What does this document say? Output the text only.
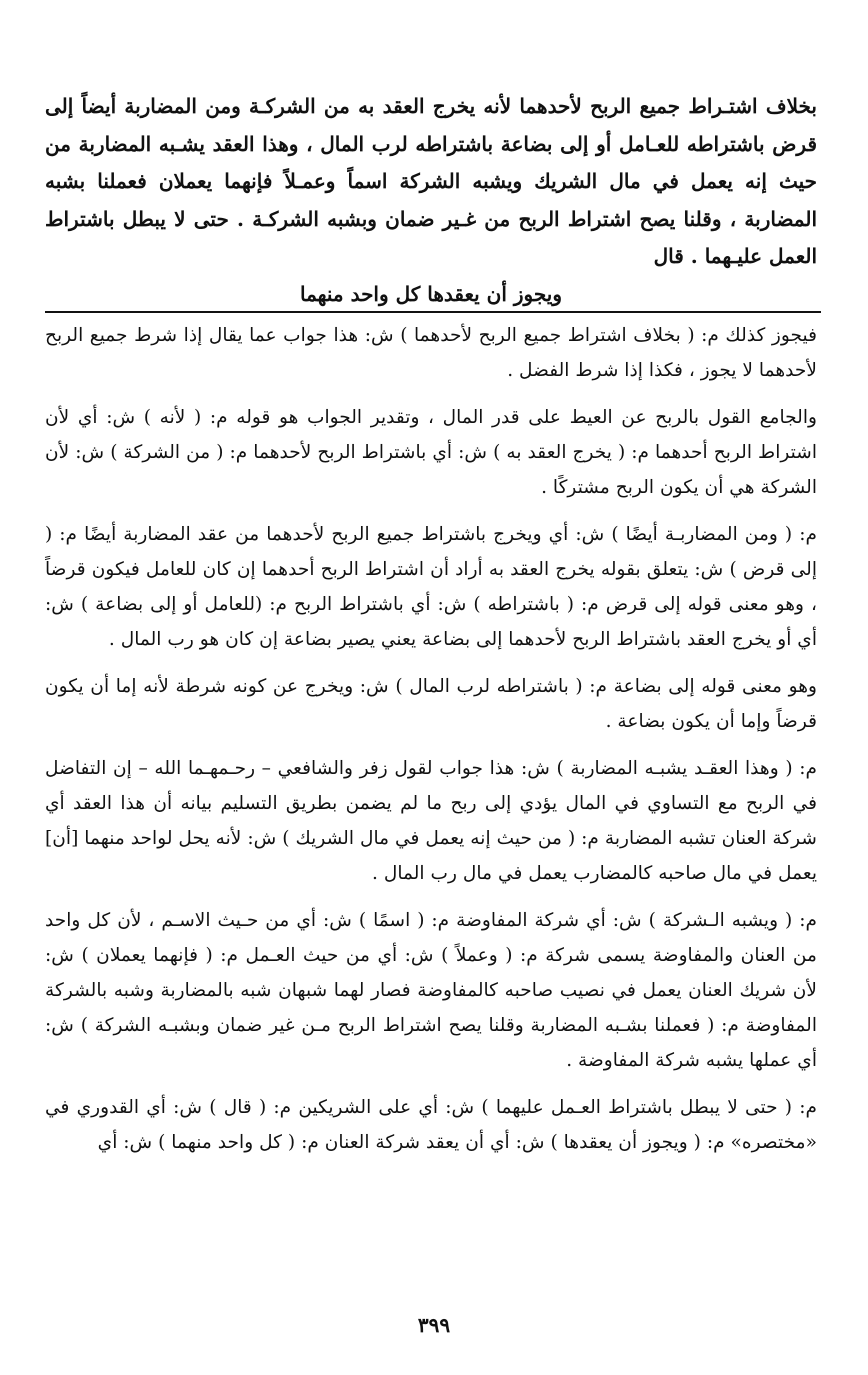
بخلاف اشتـراط جميع الربح لأحدهما لأنه يخرج العقد به من الشركـة ومن المضاربة أيضاً إلى قرض باشتراطه للعـامل أو إلى بضاعة باشتراطه لرب المال ، وهذا العقد يشـبه المضاربة من حيث إنه يعمل في مال الشريك ويشبه الشركة اسماً وعمـلاً فإنهما يعملان فعملنا بشبه المضاربة ، وقلنا يصح اشتراط الربح من غـير ضمان وبشبه الشركـة . حتى لا يبطل باشتراط العمل عليـهما . قال
ويجوز أن يعقدها كل واحد منهما

فيجوز كذلك م: ( بخلاف اشتراط جميع الربح لأحدهما ) ش: هذا جواب عما يقال إذا شرط جميع الربح لأحدهما لا يجوز ، فكذا إذا شرط الفضل .

والجامع القول بالربح عن العيط على قدر المال ، وتقدير الجواب هو قوله م: ( لأنه ) ش: أي لأن اشتراط الربح أحدهما م: ( يخرج العقد به ) ش: أي باشتراط الربح لأحدهما م: ( من الشركة ) ش: لأن الشركة هي أن يكون الربح مشتركًا .

م: ( ومن المضاربـة أيضًا ) ش: أي ويخرج باشتراط جميع الربح لأحدهما من عقد المضاربة أيضًا م: ( إلى قرض ) ش: يتعلق بقوله يخرج العقد به أراد أن اشتراط الربح أحدهما إن كان للعامل فيكون قرضاً ، وهو معنى قوله إلى قرض م: ( باشتراطه ) ش: أي باشتراط الربح م: (للعامل أو إلى بضاعة ) ش: أي أو يخرج العقد باشتراط الربح لأحدهما إلى بضاعة يعني يصير بضاعة إن كان هو رب المال .

وهو معنى قوله إلى بضاعة م: ( باشتراطه لرب المال ) ش: ويخرج عن كونه شرطة لأنه إما أن يكون قرضاً وإما أن يكون بضاعة .

م: ( وهذا العقـد يشبـه المضاربة ) ش: هذا جواب لقول زفر والشافعي – رحـمهـما الله – إن التفاضل في الربح مع التساوي في المال يؤدي إلى ربح ما لم يضمن بطريق التسليم بيانه أن هذا العقد أي شركة العنان تشبه المضاربة م: ( من حيث إنه يعمل في مال الشريك ) ش: لأنه يحل لواحد منهما [أن] يعمل في مال صاحبه كالمضارب يعمل في مال رب المال .

م: ( ويشبه الـشركة ) ش: أي شركة المفاوضة م: ( اسمًا ) ش: أي من حـيث الاسـم ، لأن كل واحد من العنان والمفاوضة يسمى شركة م: ( وعملاً ) ش: أي من حيث العـمل م: ( فإنهما يعملان ) ش: لأن شريك العنان يعمل في نصيب صاحبه كالمفاوضة فصار لهما شبهان شبه بالمضاربة وشبه بالشركة المفاوضة م: ( فعملنا بشـبه المضاربة وقلنا يصح اشتراط الربح مـن غير ضمان وبشبـه الشركة ) ش: أي عملها يشبه شركة المفاوضة .

م: ( حتى لا يبطل باشتراط العـمل عليهما ) ش: أي على الشريكين م: ( قال ) ش: أي القدوري في «مختصره» م: ( ويجوز أن يعقدها ) ش: أي أن يعقد شركة العنان م: ( كل واحد منهما ) ش: أي

٣٩٩
